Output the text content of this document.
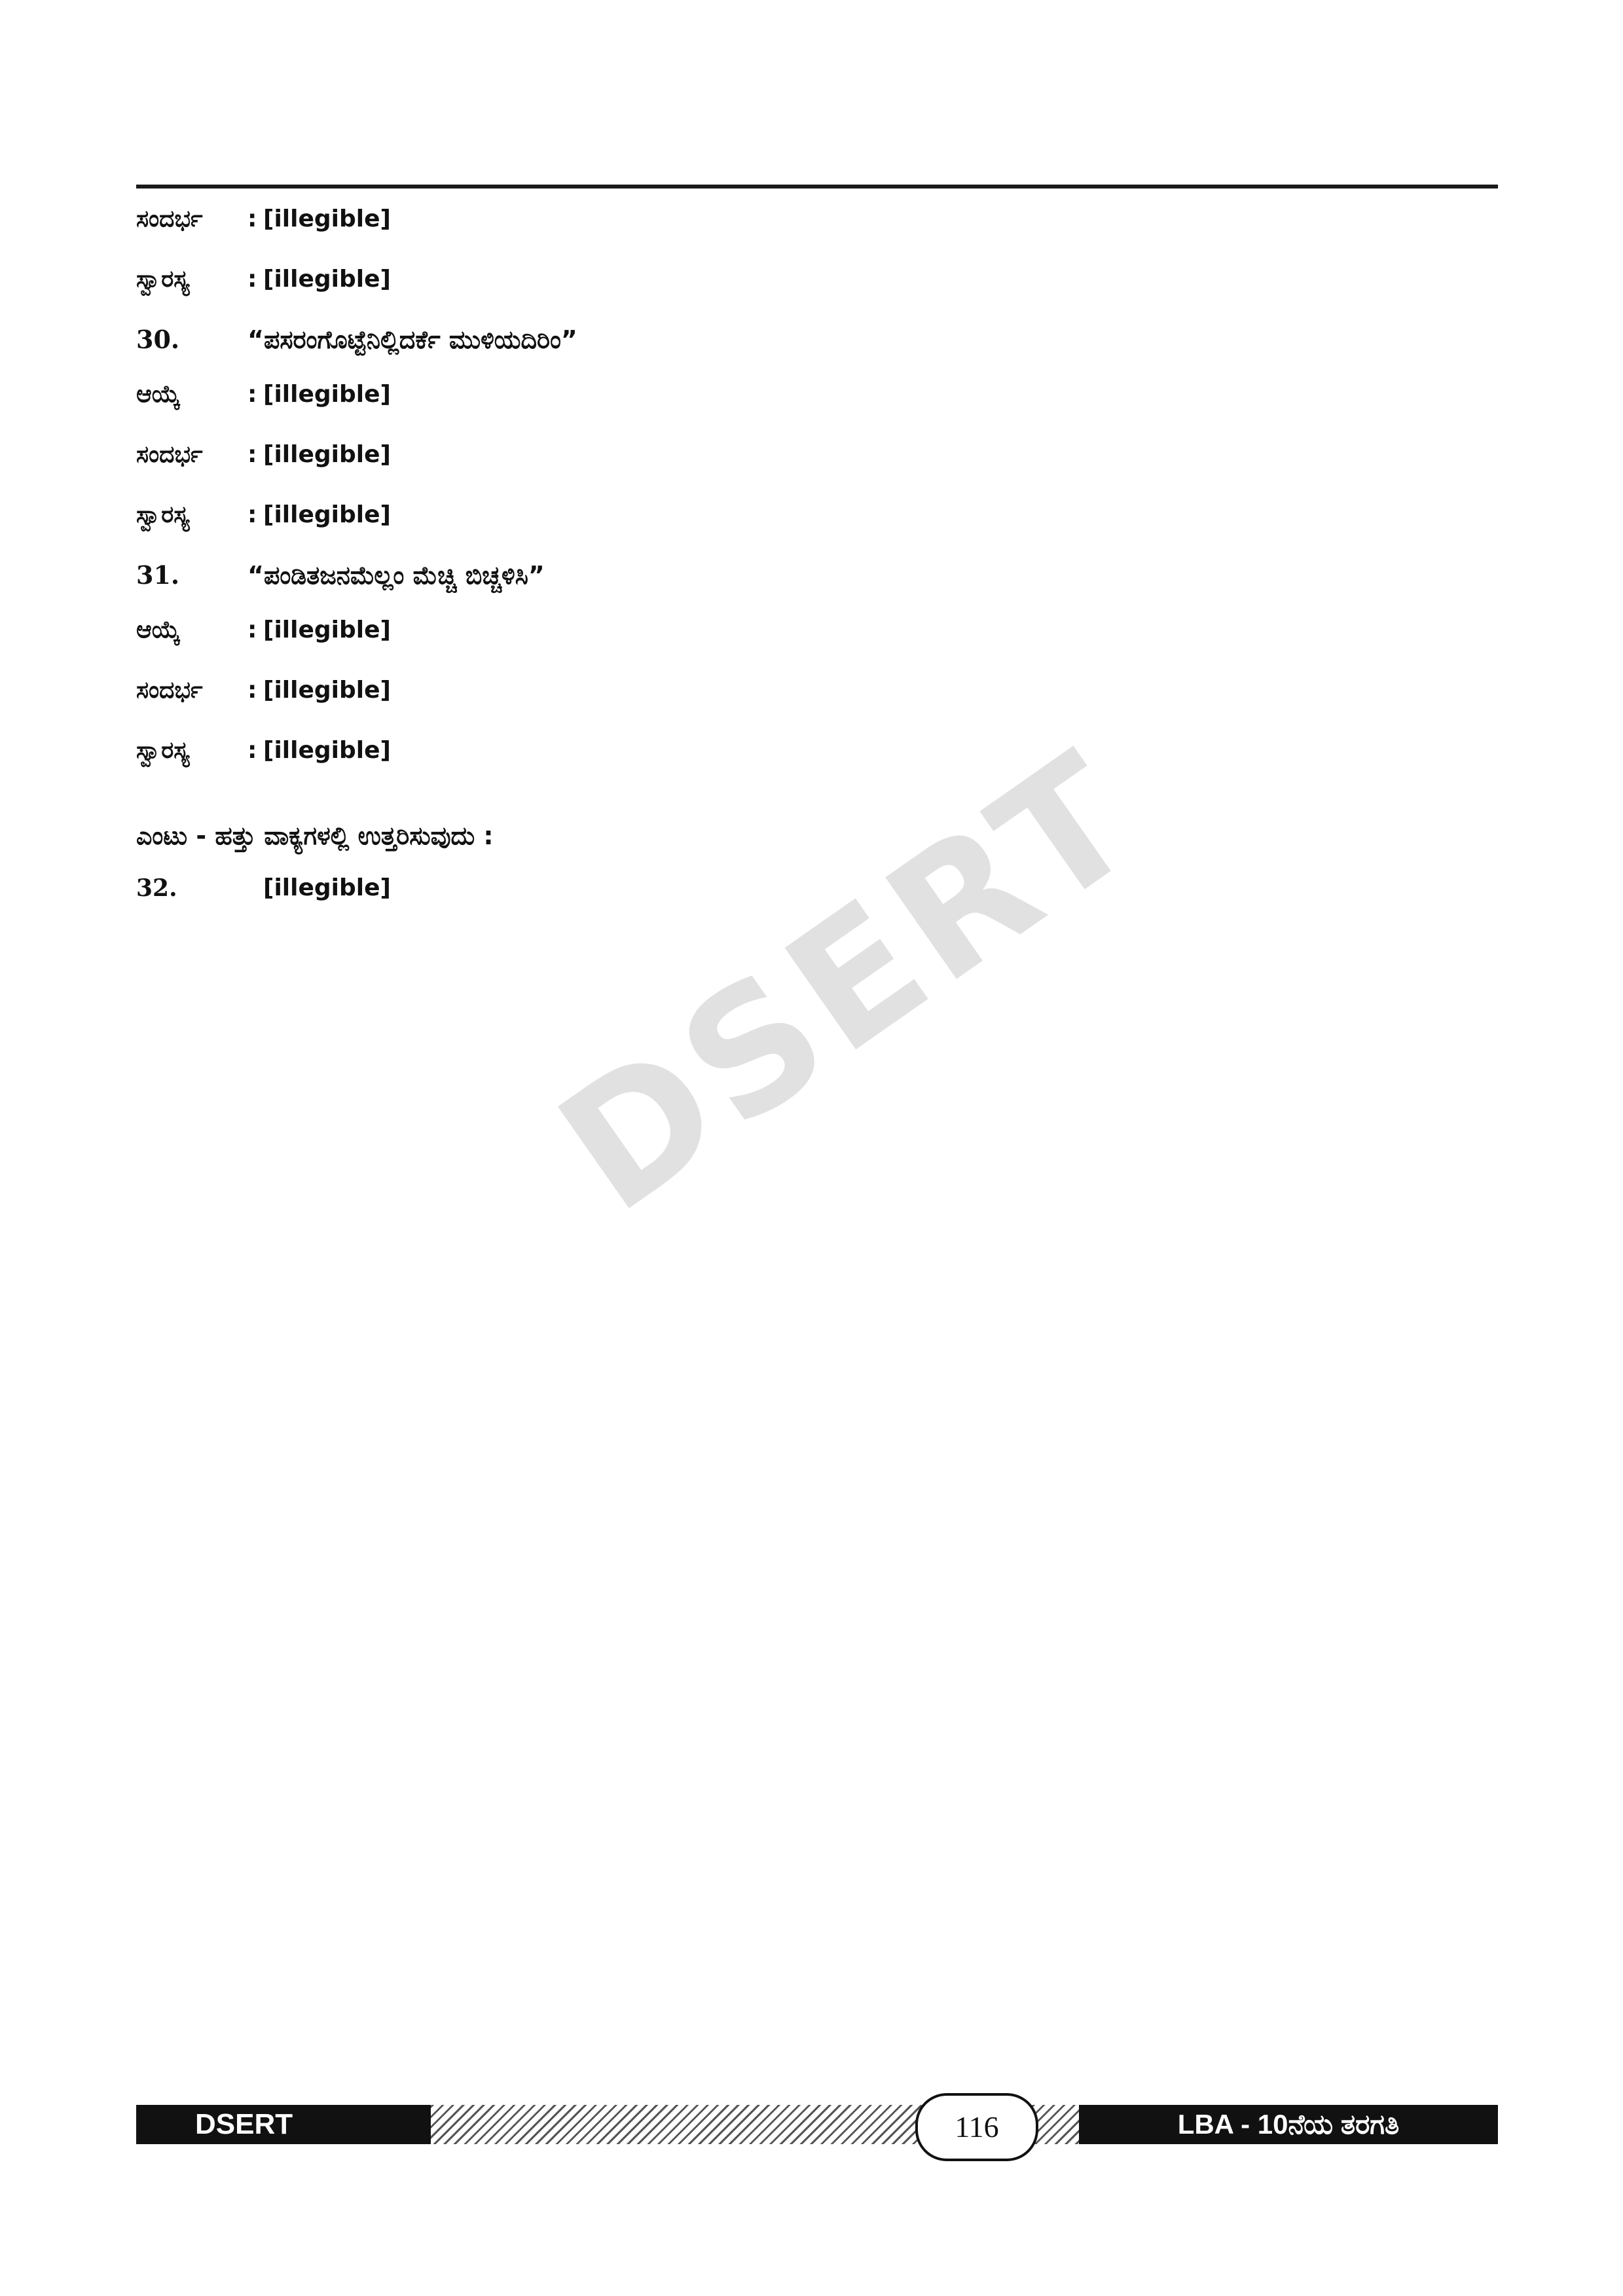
DSERT
ಸಂದರ್ಭ	: [illegible]
ಸ್ವಾರಸ್ಯ	: [illegible]
30.	“ಪಸರಂಗೊಟ್ಟೆನಿಲ್ಲಿದರ್ಕೆ ಮುಳಿಯದಿರಿಂ”
ಆಯ್ಕೆ	: [illegible]
ಸಂದರ್ಭ	: [illegible]
ಸ್ವಾರಸ್ಯ	: [illegible]
31.	“ಪಂಡಿತಜನಮೆಲ್ಲಂ ಮೆಚ್ಚಿ ಬಿಚ್ಚಳಿಸಿ”
ಆಯ್ಕೆ	: [illegible]
ಸಂದರ್ಭ	: [illegible]
ಸ್ವಾರಸ್ಯ	: [illegible]
ಎಂಟು - ಹತ್ತು ವಾಕ್ಯಗಳಲ್ಲಿ ಉತ್ತರಿಸುವುದು :
32.	[illegible]
DSERT	LBA - 10ನೆಯ ತರಗತಿ
116
